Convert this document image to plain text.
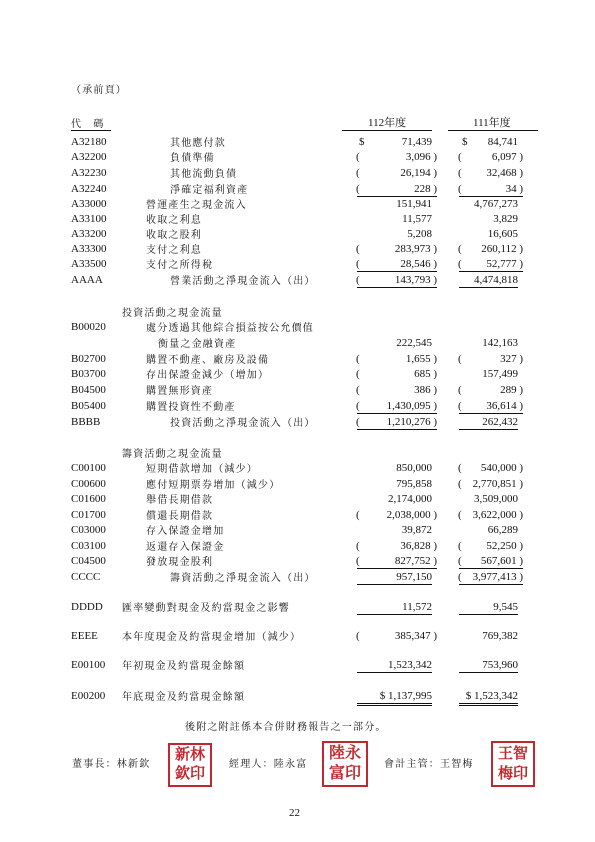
（承前頁）
代　碼	112年度	111年度
A32180	其他應付款	$	71,439	$	84,741
A32200	負債準備	(	3,096 ) (	6,097 )
A32230	其他流動負債	(	26,194 ) (	32,468 )
A32240	淨確定福利資產	(	228 ) (	34 )
A33000	營運產生之現金流入	151,941	4,767,273
A33100	收取之利息	11,577	3,829
A33200	收取之股利	5,208	16,605
A33300	支付之利息	(	283,973 ) (	260,112 )
A33500	支付之所得稅	(	28,546 ) (	52,777 )
AAAA	營業活動之淨現金流入（出）	(	143,793 )	4,474,818
投資活動之現金流量
B00020	處分透過其他綜合損益按公允價值
衡量之金融資產	222,545	142,163
B02700	購置不動產、廠房及設備	(	1,655 ) (	327 )
B03700	存出保證金減少（增加）	(	685 )	157,499
B04500	購置無形資產	(	386 ) (	289 )
B05400	購置投資性不動產	(	1,430,095 ) (	36,614 )
BBBB	投資活動之淨現金流入（出）	(	1,210,276 )	262,432
籌資活動之現金流量
C00100	短期借款增加（減少）	850,000 (	540,000 )
C00600	應付短期票券增加（減少）	795,858 ( 2,770,851 )
C01600	舉借長期借款	2,174,000	3,509,000
C01700	償還長期借款	(	2,038,000 ) ( 3,622,000 )
C03000	存入保證金增加	39,872	66,289
C03100	返還存入保證金	(	36,828 ) (	52,250 )
C04500	發放現金股利	(	827,752 ) (	567,601 )
CCCC	籌資活動之淨現金流入（出）	957,150 ( 3,977,413 )
DDDD 匯率變動對現金及約當現金之影響	11,572	9,545
EEEE 本年度現金及約當現金增加（減少）	(	385,347 )	769,382
E00100 年初現金及約當現金餘額	1,523,342	753,960
E00200 年底現金及約當現金餘額	$ 1,137,995	$ 1,523,342
後附之附註係本合併財務報告之一部分。
董事長：林新欽
新林
欽印	經理人：陸永富
陸永
富印	會計主管：王智梅
王智
梅印
22
